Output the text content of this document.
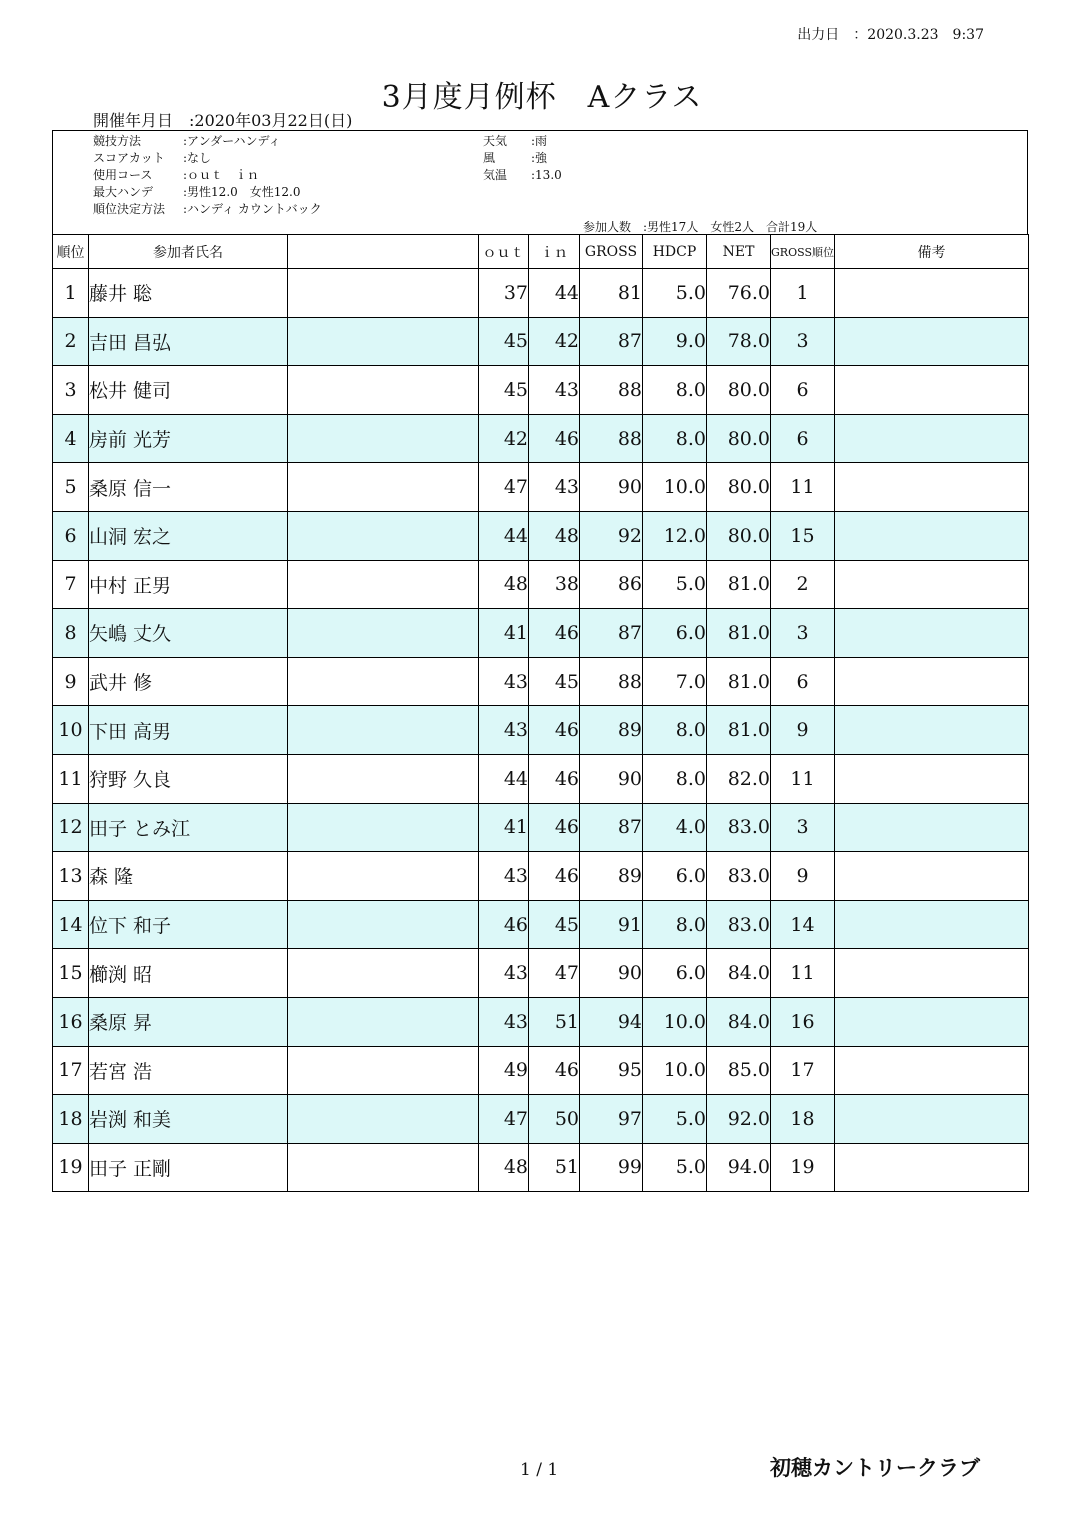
出力日　：2020.3.23　9:37
3月度月例杯　Aクラス
開催年月日　:2020年03月22日(日)
競技方法	:アンダーハンディ
スコアカット :なし
使用コース	:ｏｕｔ　ｉｎ
最大ハンデ :男性12.0　女性12.0
順位決定方法 :ハンディ カウントバック
天気 :雨
風	:強
気温 :13.0
参加人数　:男性17人　女性2人　合計19人
順位	参加者氏名		ｏｕｔ	ｉｎ	GROSS	HDCP	NET	GROSS順位	備考
1	藤井 聡		37	44	81	5.0	76.0	1	
2	吉田 昌弘		45	42	87	9.0	78.0	3	
3	松井 健司		45	43	88	8.0	80.0	6	
4	房前 光芳		42	46	88	8.0	80.0	6	
5	桑原 信一		47	43	90	10.0	80.0	11	
6	山洞 宏之		44	48	92	12.0	80.0	15	
7	中村 正男		48	38	86	5.0	81.0	2	
8	矢嶋 丈久		41	46	87	6.0	81.0	3	
9	武井 修		43	45	88	7.0	81.0	6	
10	下田 高男		43	46	89	8.0	81.0	9	
11	狩野 久良		44	46	90	8.0	82.0	11	
12	田子 とみ江		41	46	87	4.0	83.0	3	
13	森 隆		43	46	89	6.0	83.0	9	
14	位下 和子		46	45	91	8.0	83.0	14	
15	櫛渕 昭		43	47	90	6.0	84.0	11	
16	桑原 昇		43	51	94	10.0	84.0	16	
17	若宮 浩		49	46	95	10.0	85.0	17	
18	岩渕 和美		47	50	97	5.0	92.0	18	
19	田子 正剛		48	51	99	5.0	94.0	19	
1 / 1	初穂カントリークラブ
